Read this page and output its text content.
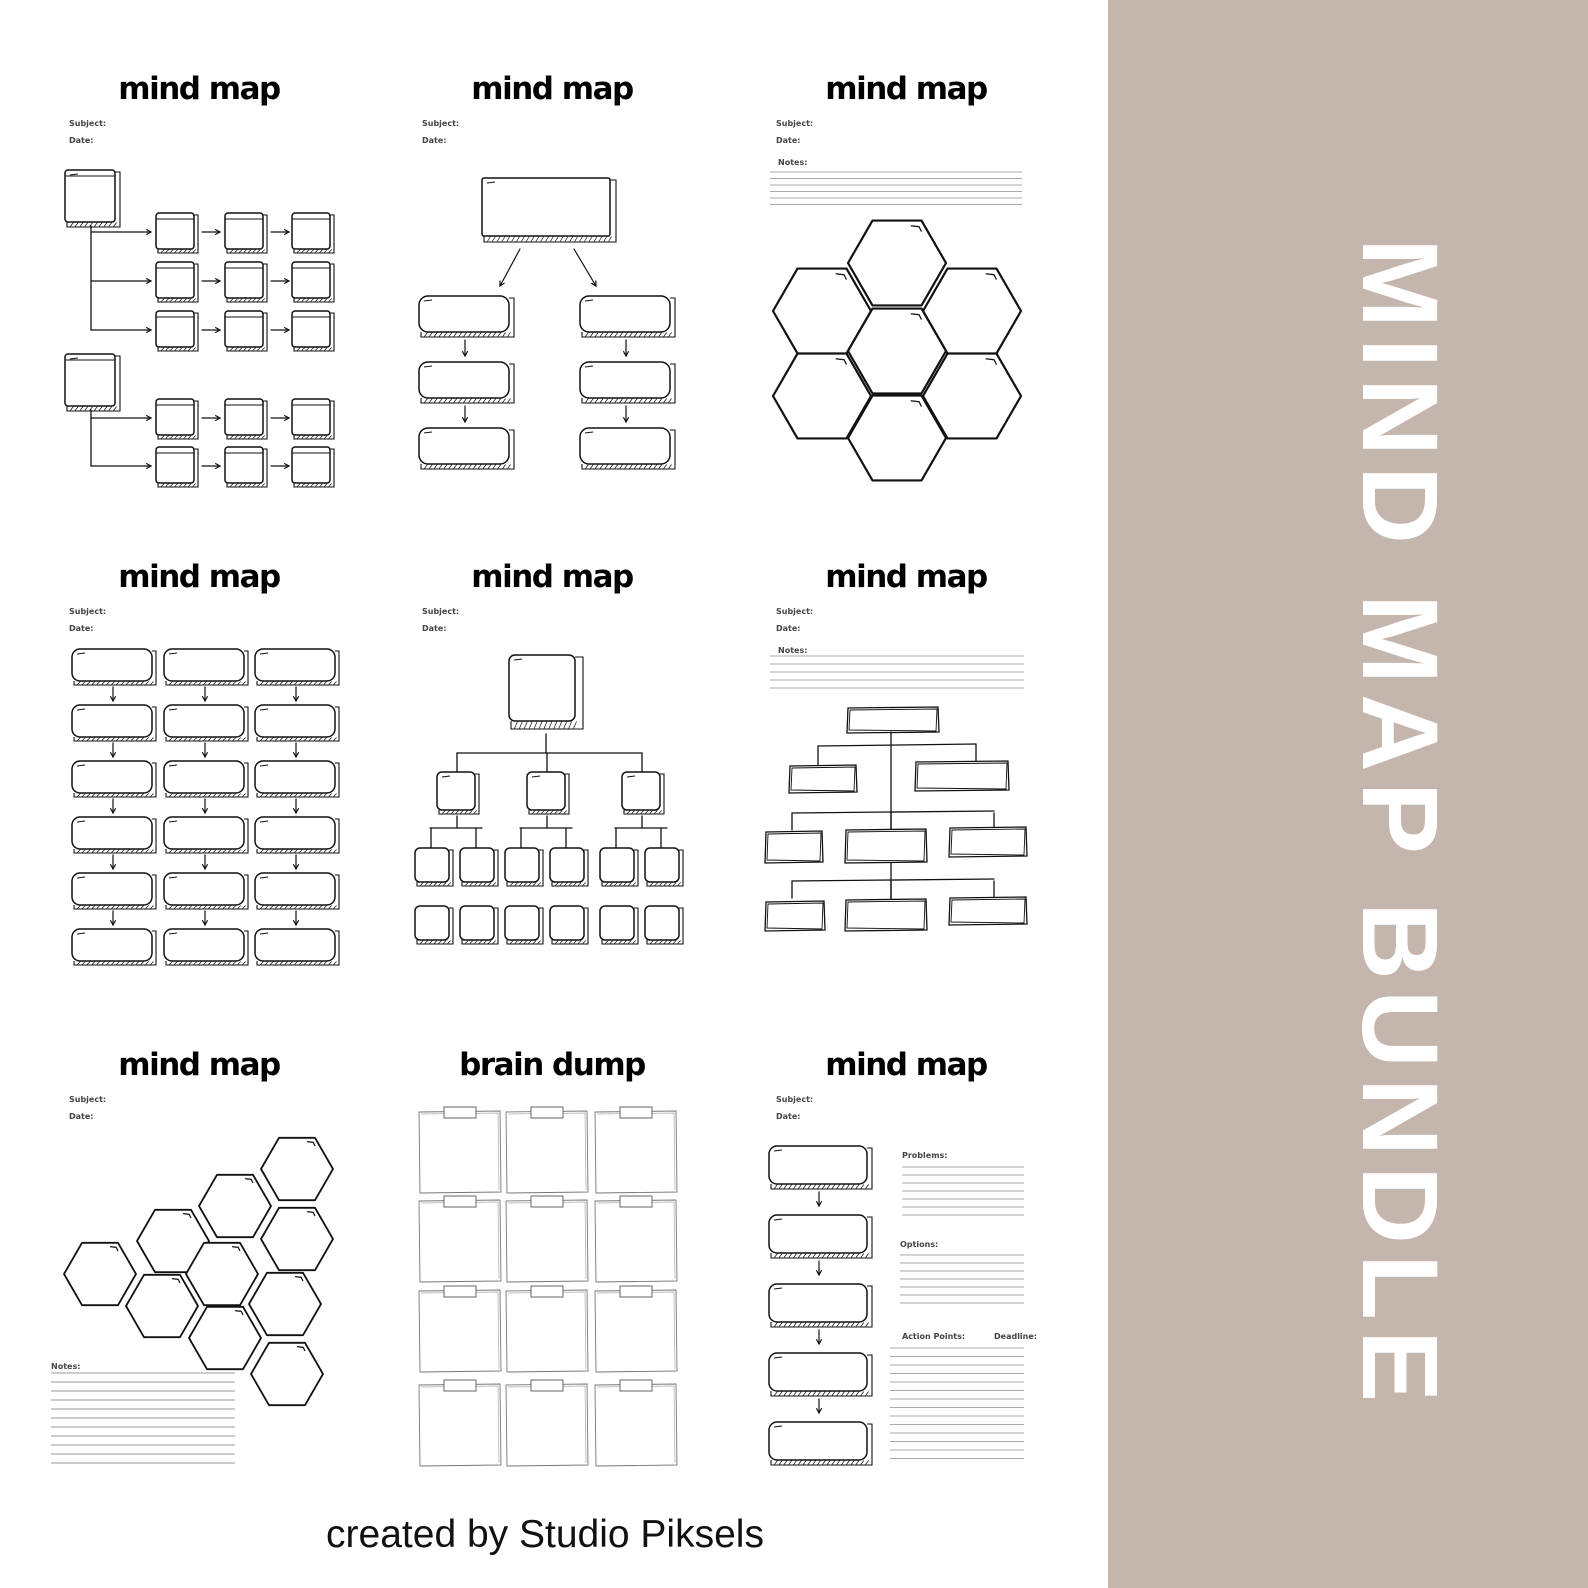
MIND MAP BUNDLE
mind map
Subject:
Date:
mind map
Subject:
Date:
mind map
Subject:
Date:
Notes:
mind map
Subject:
Date:
mind map
Subject:
Date:
mind map
Subject:
Date:
Notes:
mind map
Subject:
Date:
Notes:
brain dump	mind map
Subject:
Date:
Problems:
Options:
Action Points:	Deadline:
created by Studio Piksels
